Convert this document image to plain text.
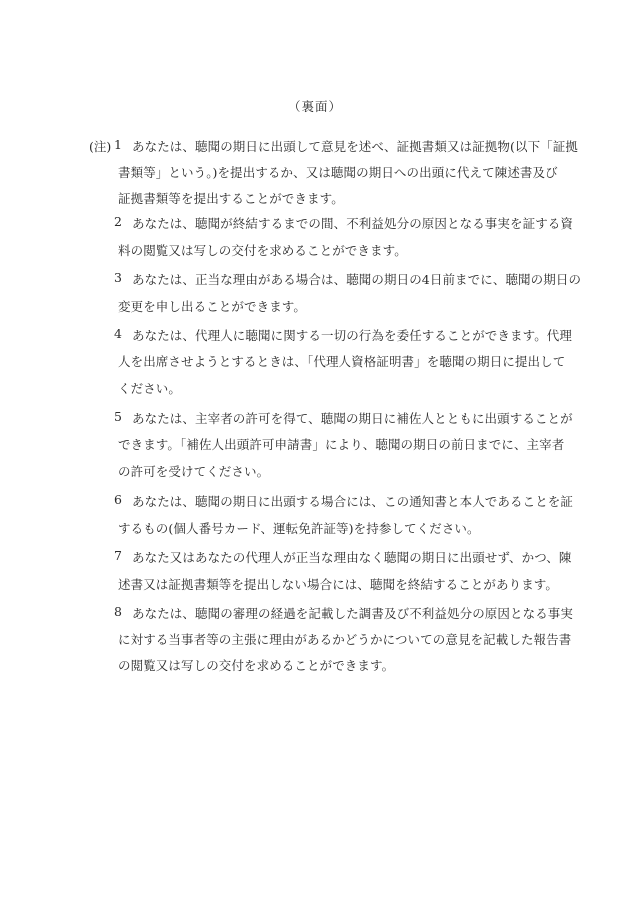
（裏面）
(注) 1 あなたは、聴聞の期日に出頭して意見を述べ、証拠書類又は証拠物(以下「証拠
書類等」という。)を提出するか、又は聴聞の期日への出頭に代えて陳述書及び
証拠書類等を提出することができます。
2 あなたは、聴聞が終結するまでの間、不利益処分の原因となる事実を証する資
料の閲覧又は写しの交付を求めることができます。
3 あなたは、正当な理由がある場合は、聴聞の期日の4日前までに、聴聞の期日の
変更を申し出ることができます。
4 あなたは、代理人に聴聞に関する一切の行為を委任することができます。代理
人を出席させようとするときは、「代理人資格証明書」を聴聞の期日に提出して
ください。
5 あなたは、主宰者の許可を得て、聴聞の期日に補佐人とともに出頭することが
できます。「補佐人出頭許可申請書」により、聴聞の期日の前日までに、主宰者
の許可を受けてください。
6 あなたは、聴聞の期日に出頭する場合には、この通知書と本人であることを証
するもの(個人番号カード、運転免許証等)を持参してください。
7 あなた又はあなたの代理人が正当な理由なく聴聞の期日に出頭せず、かつ、陳
述書又は証拠書類等を提出しない場合には、聴聞を終結することがあります。
8 あなたは、聴聞の審理の経過を記載した調書及び不利益処分の原因となる事実
に対する当事者等の主張に理由があるかどうかについての意見を記載した報告書
の閲覧又は写しの交付を求めることができます。
